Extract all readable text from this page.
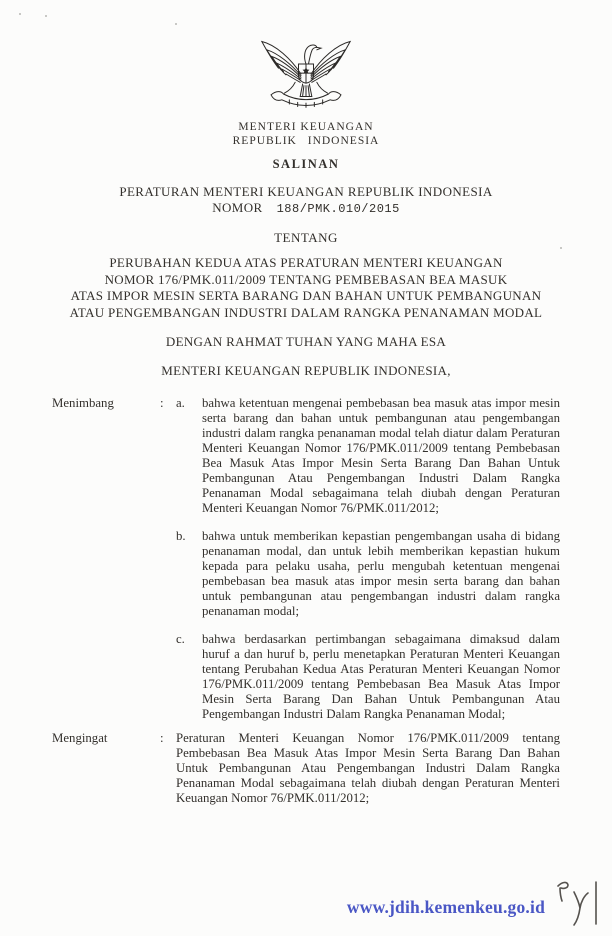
MENTERI KEUANGAN
REPUBLIK INDONESIA
SALINAN
PERATURAN MENTERI KEUANGAN REPUBLIK INDONESIA
NOMOR 188/PMK.010/2015
TENTANG
PERUBAHAN KEDUA ATAS PERATURAN MENTERI KEUANGAN
NOMOR 176/PMK.011/2009 TENTANG PEMBEBASAN BEA MASUK
ATAS IMPOR MESIN SERTA BARANG DAN BAHAN UNTUK PEMBANGUNAN
ATAU PENGEMBANGAN INDUSTRI DALAM RANGKA PENANAMAN MODAL
DENGAN RAHMAT TUHAN YANG MAHA ESA
MENTERI KEUANGAN REPUBLIK INDONESIA,
Menimbang	: a.	bahwa ketentuan mengenai pembebasan bea masuk atas impor mesin serta barang dan bahan untuk pembangunan atau pengembangan industri dalam rangka penanaman modal telah diatur dalam Peraturan Menteri Keuangan Nomor 176/PMK.011/2009 tentang Pembebasan Bea Masuk Atas Impor Mesin Serta Barang Dan Bahan Untuk Pembangunan Atau Pengembangan Industri Dalam Rangka Penanaman Modal sebagaimana telah diubah dengan Peraturan Menteri Keuangan Nomor 76/PMK.011/2012;
b.	bahwa untuk memberikan kepastian pengembangan usaha di bidang penanaman modal, dan untuk lebih memberikan kepastian hukum kepada para pelaku usaha, perlu mengubah ketentuan mengenai pembebasan bea masuk atas impor mesin serta barang dan bahan untuk pembangunan atau pengembangan industri dalam rangka penanaman modal;
c.	bahwa berdasarkan pertimbangan sebagaimana dimaksud dalam huruf a dan huruf b, perlu menetapkan Peraturan Menteri Keuangan tentang Perubahan Kedua Atas Peraturan Menteri Keuangan Nomor 176/PMK.011/2009 tentang Pembebasan Bea Masuk Atas Impor Mesin Serta Barang Dan Bahan Untuk Pembangunan Atau Pengembangan Industri Dalam Rangka Penanaman Modal;
Mengingat	: Peraturan Menteri Keuangan Nomor 176/PMK.011/2009 tentang Pembebasan Bea Masuk Atas Impor Mesin Serta Barang Dan Bahan Untuk Pembangunan Atau Pengembangan Industri Dalam Rangka Penanaman Modal sebagaimana telah diubah dengan Peraturan Menteri Keuangan Nomor 76/PMK.011/2012;
www.jdih.kemenkeu.go.id
